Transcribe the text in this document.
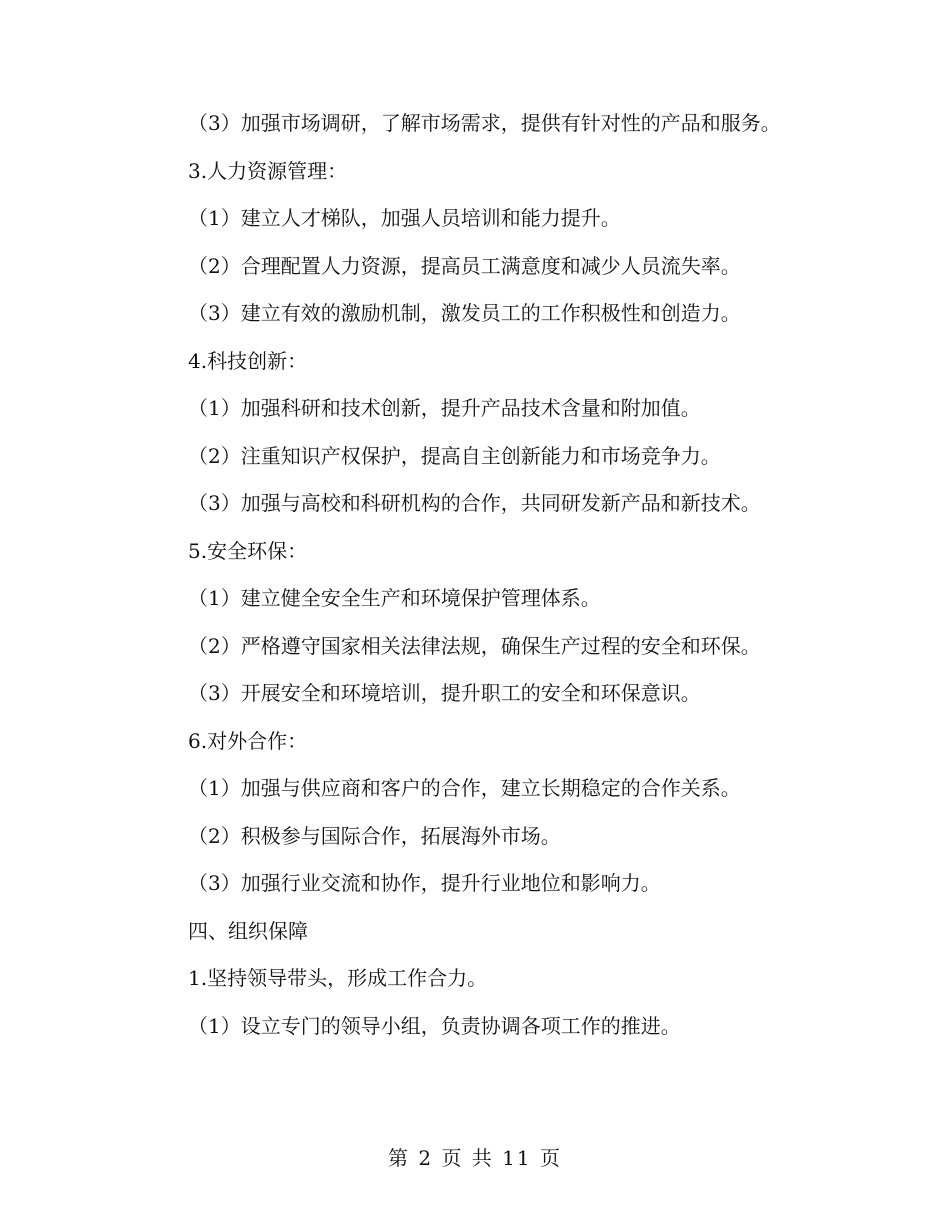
（3）加强市场调研，了解市场需求，提供有针对性的产品和服务。

3.人力资源管理：

（1）建立人才梯队，加强人员培训和能力提升。

（2）合理配置人力资源，提高员工满意度和减少人员流失率。

（3）建立有效的激励机制，激发员工的工作积极性和创造力。

4.科技创新：

（1）加强科研和技术创新，提升产品技术含量和附加值。

（2）注重知识产权保护，提高自主创新能力和市场竞争力。

（3）加强与高校和科研机构的合作，共同研发新产品和新技术。

5.安全环保：

（1）建立健全安全生产和环境保护管理体系。

（2）严格遵守国家相关法律法规，确保生产过程的安全和环保。

（3）开展安全和环境培训，提升职工的安全和环保意识。

6.对外合作：

（1）加强与供应商和客户的合作，建立长期稳定的合作关系。

（2）积极参与国际合作，拓展海外市场。

（3）加强行业交流和协作，提升行业地位和影响力。

四、组织保障

1.坚持领导带头，形成工作合力。

（1）设立专门的领导小组，负责协调各项工作的推进。

第 2 页 共 11 页
